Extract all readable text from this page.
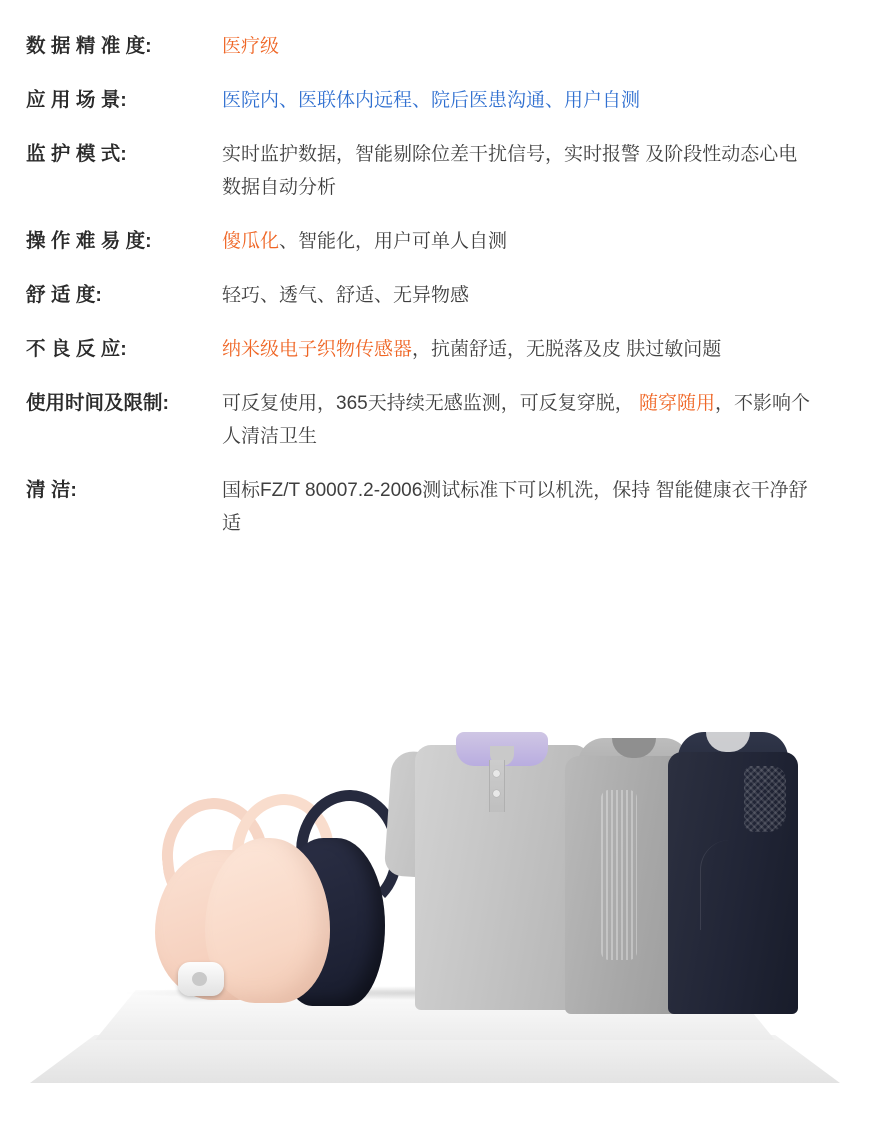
数 据 精 准 度:	医疗级
应 用 场 景:	医院内、医联体内远程、院后医患沟通、用户自测
监 护 模 式:	实时监护数据，智能剔除位差干扰信号，实时报警 及阶段性动态心电数据自动分析
操 作 难 易 度:	傻瓜化、智能化，用户可单人自测
舒 适 度:	轻巧、透气、舒适、无异物感
不 良 反 应:	纳米级电子织物传感器，抗菌舒适，无脱落及皮 肤过敏问题
使用时间及限制:	可反复使用，365天持续无感监测，可反复穿脱， 随穿随用，不影响个人清洁卫生
清 洁:	国标FZ/T 80007.2-2006测试标准下可以机洗，保持 智能健康衣干净舒适
